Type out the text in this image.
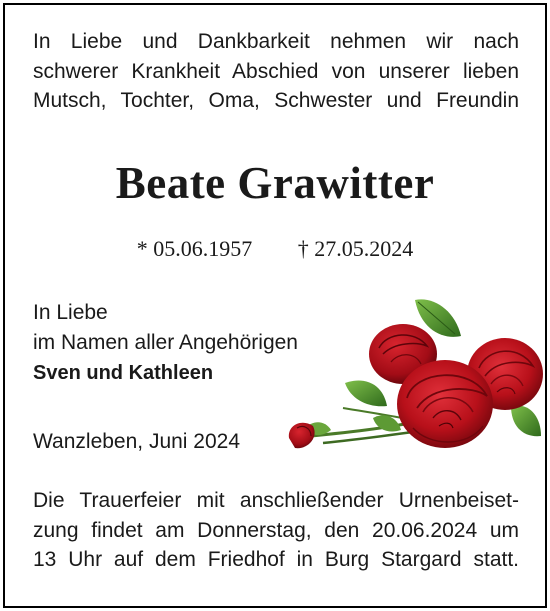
In Liebe und Dankbarkeit nehmen wir nach
schwerer Krankheit Abschied von unserer lieben
Mutsch, Tochter, Oma, Schwester und Freundin

Beate Grawitter
* 05.06.1957 † 27.05.2024
In Liebe
im Namen aller Angehörigen
Sven und Kathleen
Wanzleben, Juni 2024
Die Trauerfeier mit anschließender Urnenbeiset-
zung findet am Donnerstag, den 20.06.2024 um
13 Uhr auf dem Friedhof in Burg Stargard statt.
